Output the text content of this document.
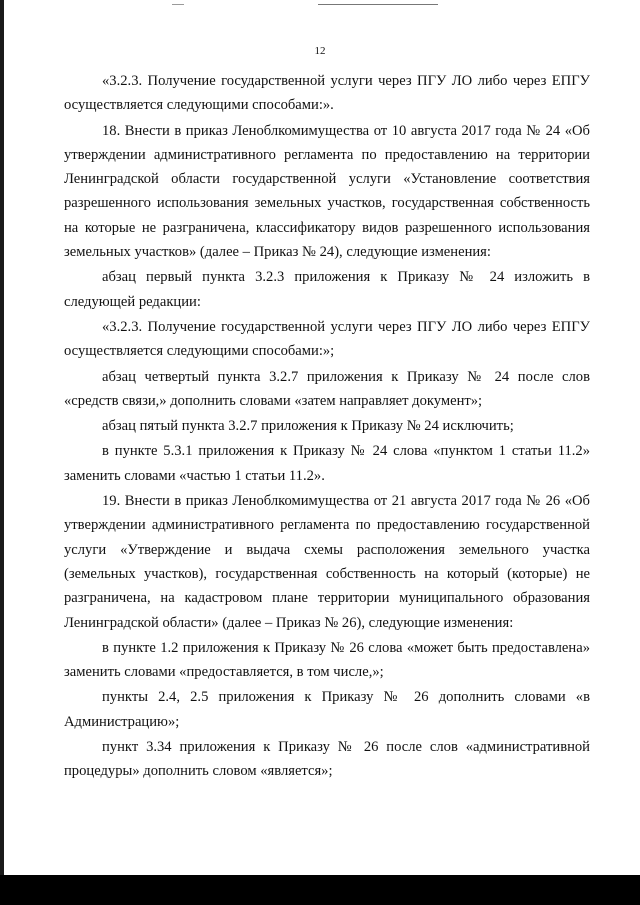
12

«3.2.3. Получение государственной услуги через ПГУ ЛО либо через ЕПГУ осуществляется следующими способами:».

18. Внести в приказ Леноблкомимущества от 10 августа 2017 года № 24 «Об утверждении административного регламента по предоставлению на территории Ленинградской области государственной услуги «Установление соответствия разрешенного использования земельных участков, государственная собственность на которые не разграничена, классификатору видов разрешенного использования земельных участков» (далее – Приказ № 24), следующие изменения:

абзац первый пункта 3.2.3 приложения к Приказу № 24 изложить в следующей редакции:

«3.2.3. Получение государственной услуги через ПГУ ЛО либо через ЕПГУ осуществляется следующими способами:»;

абзац четвертый пункта 3.2.7 приложения к Приказу № 24 после слов «средств связи,» дополнить словами «затем направляет документ»;

абзац пятый пункта 3.2.7 приложения к Приказу № 24 исключить;

в пункте 5.3.1 приложения к Приказу № 24 слова «пунктом 1 статьи 11.2» заменить словами «частью 1 статьи 11.2».

19. Внести в приказ Леноблкомимущества от 21 августа 2017 года № 26 «Об утверждении административного регламента по предоставлению государственной услуги «Утверждение и выдача схемы расположения земельного участка (земельных участков), государственная собственность на который (которые) не разграничена, на кадастровом плане территории муниципального образования Ленинградской области» (далее – Приказ № 26), следующие изменения:

в пункте 1.2 приложения к Приказу № 26 слова «может быть предоставлена» заменить словами «предоставляется, в том числе,»;

пункты 2.4, 2.5 приложения к Приказу № 26 дополнить словами «в Администрацию»;

пункт 3.34 приложения к Приказу № 26 после слов «административной процедуры» дополнить словом «является»;
